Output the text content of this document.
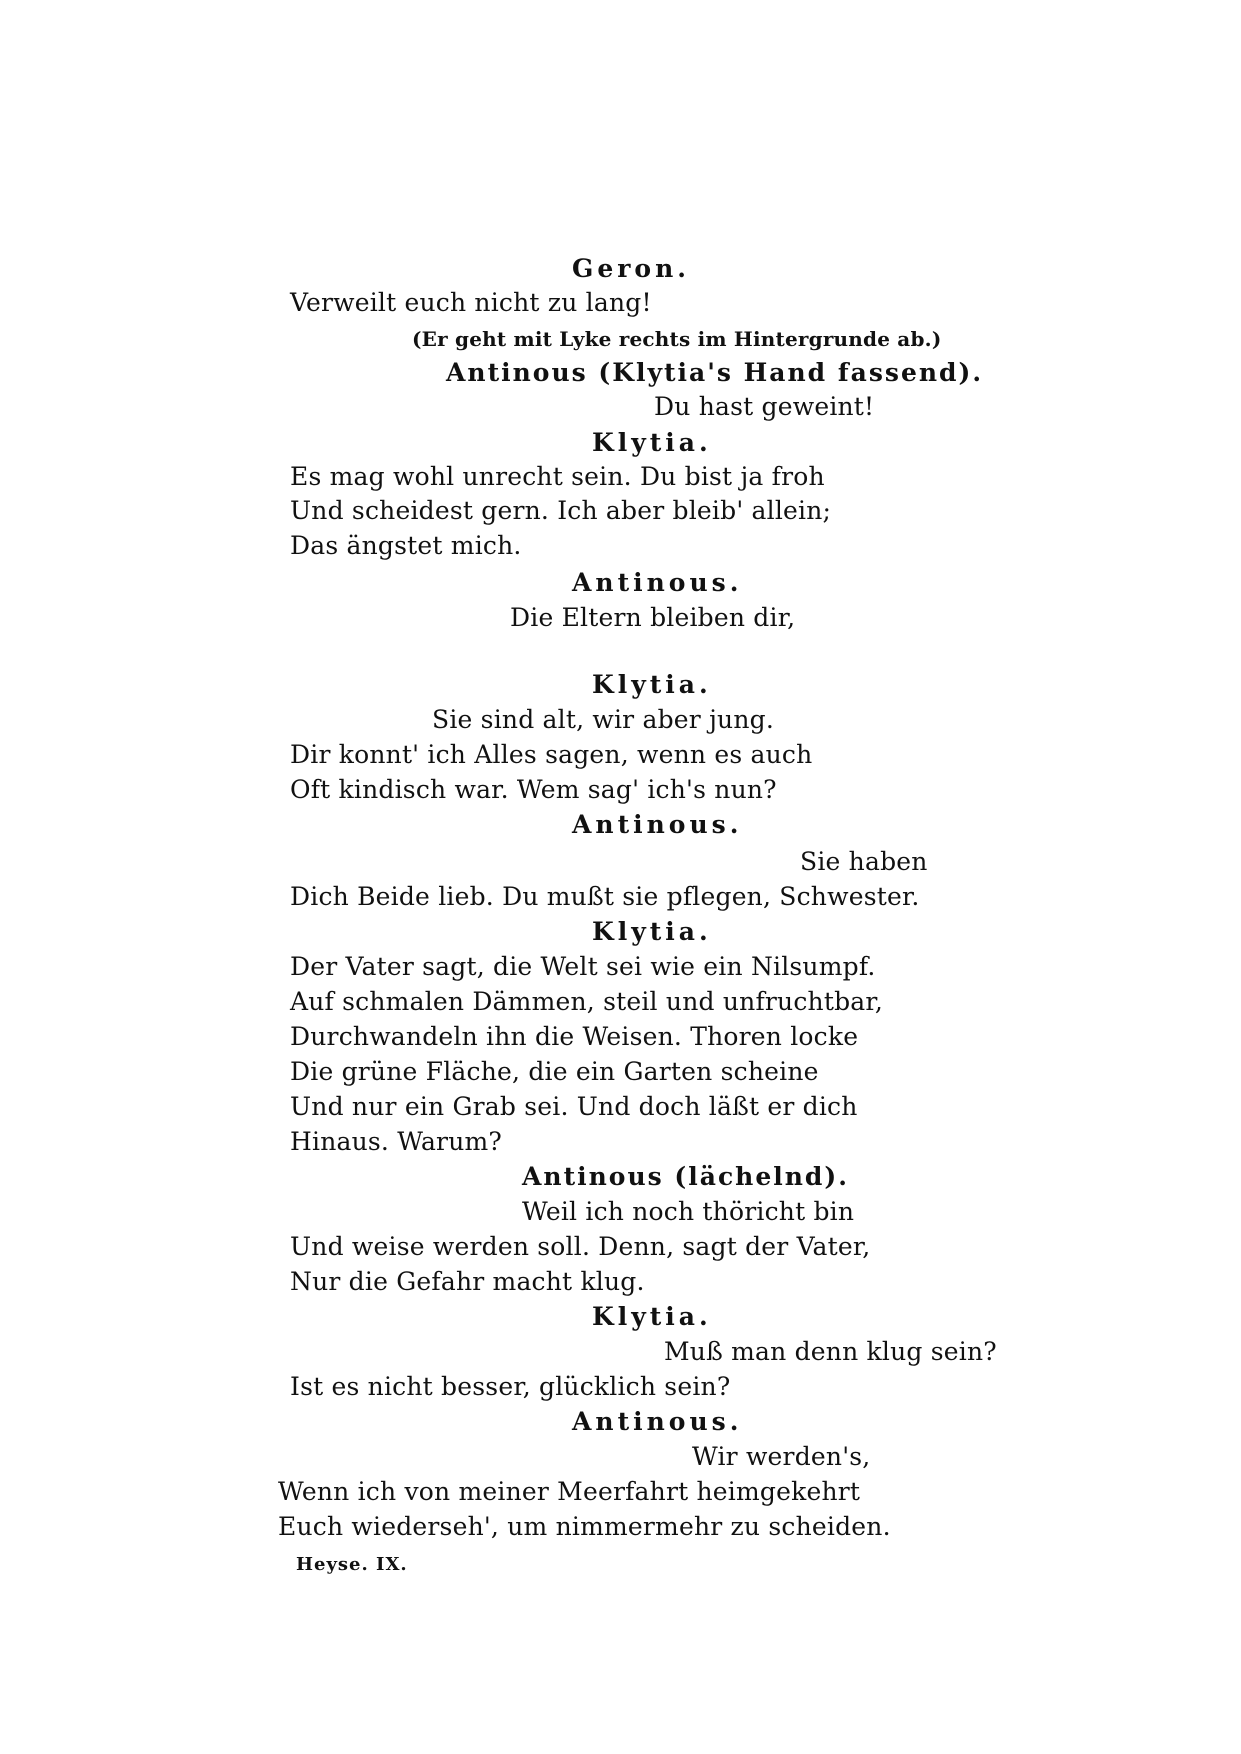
Geron.
Verweilt euch nicht zu lang!
(Er geht mit Lyke rechts im Hintergrunde ab.)
Antinous (Klytia's Hand fassend).
Du hast geweint!
Klytia.
Es mag wohl unrecht sein. Du bist ja froh
Und scheidest gern. Ich aber bleib' allein;
Das ängstet mich.
Antinous.
Die Eltern bleiben dir,
Klytia.
Sie sind alt, wir aber jung.
Dir konnt' ich Alles sagen, wenn es auch
Oft kindisch war. Wem sag' ich's nun?
Antinous.
Sie haben
Dich Beide lieb. Du mußt sie pflegen, Schwester.
Klytia.
Der Vater sagt, die Welt sei wie ein Nilsumpf.
Auf schmalen Dämmen, steil und unfruchtbar,
Durchwandeln ihn die Weisen. Thoren locke
Die grüne Fläche, die ein Garten scheine
Und nur ein Grab sei. Und doch läßt er dich
Hinaus. Warum?
Antinous (lächelnd).
Weil ich noch thöricht bin
Und weise werden soll. Denn, sagt der Vater,
Nur die Gefahr macht klug.
Klytia.
Muß man denn klug sein?
Ist es nicht besser, glücklich sein?
Antinous.
Wir werden's,
Wenn ich von meiner Meerfahrt heimgekehrt
Euch wiederseh', um nimmermehr zu scheiden.
Heyse. IX.
